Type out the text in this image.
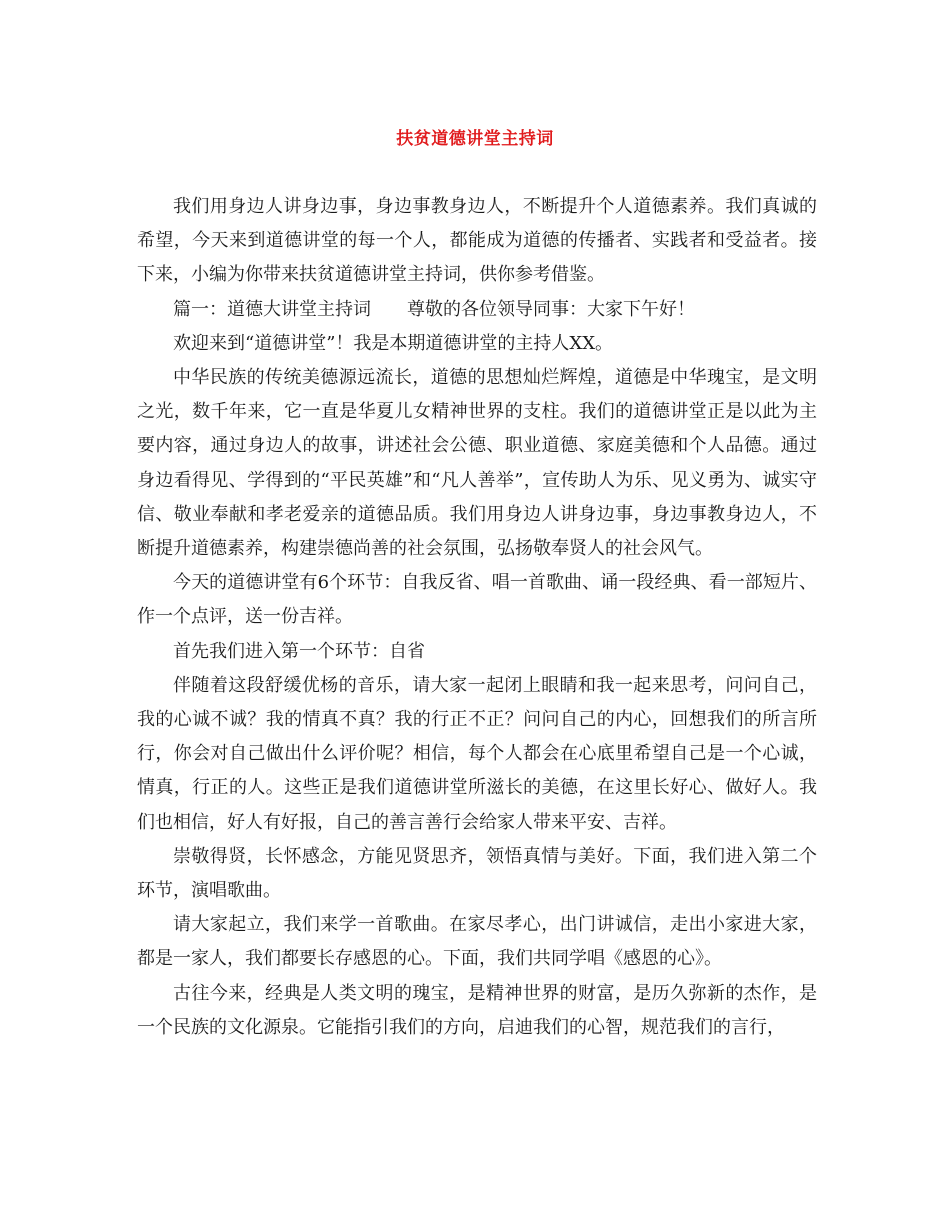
扶贫道德讲堂主持词

我们用身边人讲身边事，身边事教身边人，不断提升个人道德素养。我们真诚的希望，今天来到道德讲堂的每一个人，都能成为道德的传播者、实践者和受益者。接下来，小编为你带来扶贫道德讲堂主持词，供你参考借鉴。

篇一：道德大讲堂主持词　　尊敬的各位领导同事：大家下午好！

欢迎来到“道德讲堂”！我是本期道德讲堂的主持人XX。

中华民族的传统美德源远流长，道德的思想灿烂辉煌，道德是中华瑰宝，是文明之光，数千年来，它一直是华夏儿女精神世界的支柱。我们的道德讲堂正是以此为主要内容，通过身边人的故事，讲述社会公德、职业道德、家庭美德和个人品德。通过身边看得见、学得到的“平民英雄”和“凡人善举”，宣传助人为乐、见义勇为、诚实守信、敬业奉献和孝老爱亲的道德品质。我们用身边人讲身边事，身边事教身边人，不断提升道德素养，构建崇德尚善的社会氛围，弘扬敬奉贤人的社会风气。

今天的道德讲堂有6个环节：自我反省、唱一首歌曲、诵一段经典、看一部短片、作一个点评，送一份吉祥。

首先我们进入第一个环节：自省

伴随着这段舒缓优杨的音乐，请大家一起闭上眼睛和我一起来思考，问问自己，我的心诚不诚？我的情真不真？我的行正不正？问问自己的内心，回想我们的所言所行，你会对自己做出什么评价呢？相信，每个人都会在心底里希望自己是一个心诚，情真，行正的人。这些正是我们道德讲堂所滋长的美德，在这里长好心、做好人。我们也相信，好人有好报，自己的善言善行会给家人带来平安、吉祥。

崇敬得贤，长怀感念，方能见贤思齐，领悟真情与美好。下面，我们进入第二个环节，演唱歌曲。

请大家起立，我们来学一首歌曲。在家尽孝心，出门讲诚信，走出小家进大家，都是一家人，我们都要长存感恩的心。下面，我们共同学唱《感恩的心》。

古往今来，经典是人类文明的瑰宝，是精神世界的财富，是历久弥新的杰作，是一个民族的文化源泉。它能指引我们的方向，启迪我们的心智，规范我们的言行，
